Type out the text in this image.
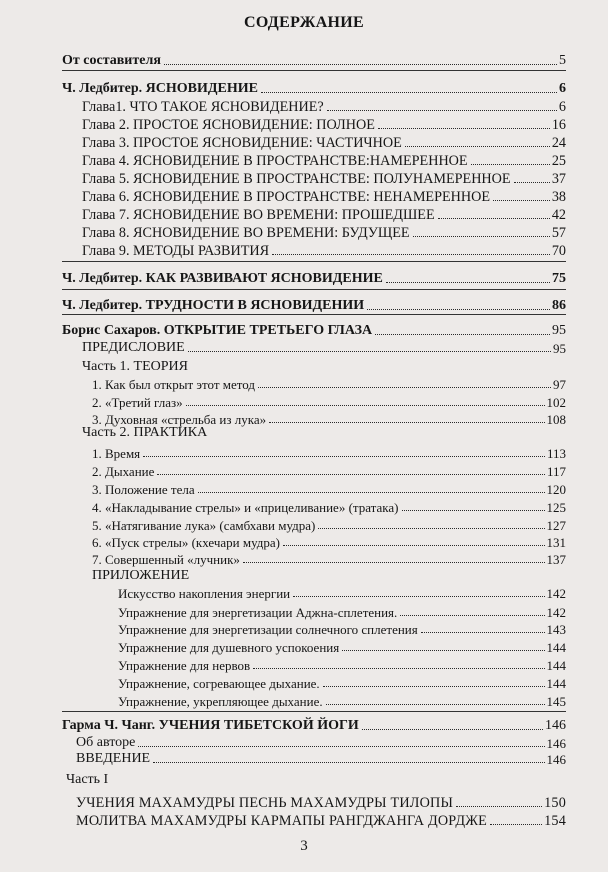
СОДЕРЖАНИЕ
От составителя	5
Ч. Ледбитер. ЯСНОВИДЕНИЕ	6
Глава1. ЧТО ТАКОЕ ЯСНОВИДЕНИЕ?	6
Глава 2. ПРОСТОЕ ЯСНОВИДЕНИЕ: ПОЛНОЕ	16
Глава 3. ПРОСТОЕ ЯСНОВИДЕНИЕ: ЧАСТИЧНОЕ	24
Глава 4. ЯСНОВИДЕНИЕ В ПРОСТРАНСТВЕ:НАМЕРЕННОЕ	25
Глава 5. ЯСНОВИДЕНИЕ В ПРОСТРАНСТВЕ: ПОЛУНАМЕРЕННОЕ	37
Глава 6. ЯСНОВИДЕНИЕ В ПРОСТРАНСТВЕ: НЕНАМЕРЕННОЕ	38
Глава 7. ЯСНОВИДЕНИЕ ВО ВРЕМЕНИ: ПРОШЕДШЕЕ	42
Глава 8. ЯСНОВИДЕНИЕ ВО ВРЕМЕНИ: БУДУЩЕЕ	57
Глава 9. МЕТОДЫ РАЗВИТИЯ	70
Ч. Ледбитер. КАК РАЗВИВАЮТ ЯСНОВИДЕНИЕ	75
Ч. Ледбитер. ТРУДНОСТИ В ЯСНОВИДЕНИИ	86
Борис Сахаров. ОТКРЫТИЕ ТРЕТЬЕГО ГЛАЗА	95
ПРЕДИСЛОВИЕ	95
Часть 1. ТЕОРИЯ
1. Как был открыт этот метод	97
2. «Третий глаз»	102
3. Духовная «стрельба из лука»	108
Часть 2. ПРАКТИКА
1. Время	113
2. Дыхание	117
3. Положение тела	120
4. «Накладывание стрелы» и «прицеливание» (тратака)	125
5. «Натягивание лука» (самбхави мудра)	127
6. «Пуск стрелы» (кхечари мудра)	131
7. Совершенный «лучник»	137
ПРИЛОЖЕНИЕ
Искусство накопления энергии	142
Упражнение для энергетизации Аджна-сплетения.	142
Упражнение для энергетизации солнечного сплетения	143
Упражнение для душевного успокоения	144
Упражнение для нервов	144
Упражнение, согревающее дыхание.	144
Упражнение, укрепляющее дыхание.	145
Гарма Ч. Чанг. УЧЕНИЯ ТИБЕТСКОЙ ЙОГИ	146
Об авторе	146
ВВЕДЕНИЕ	146
Часть I
УЧЕНИЯ МАХАМУДРЫ ПЕСНЬ МАХАМУДРЫ ТИЛОПЫ	150
МОЛИТВА МАХАМУДРЫ КАРМАПЫ РАНГДЖАНГА ДОРДЖЕ	154
3
